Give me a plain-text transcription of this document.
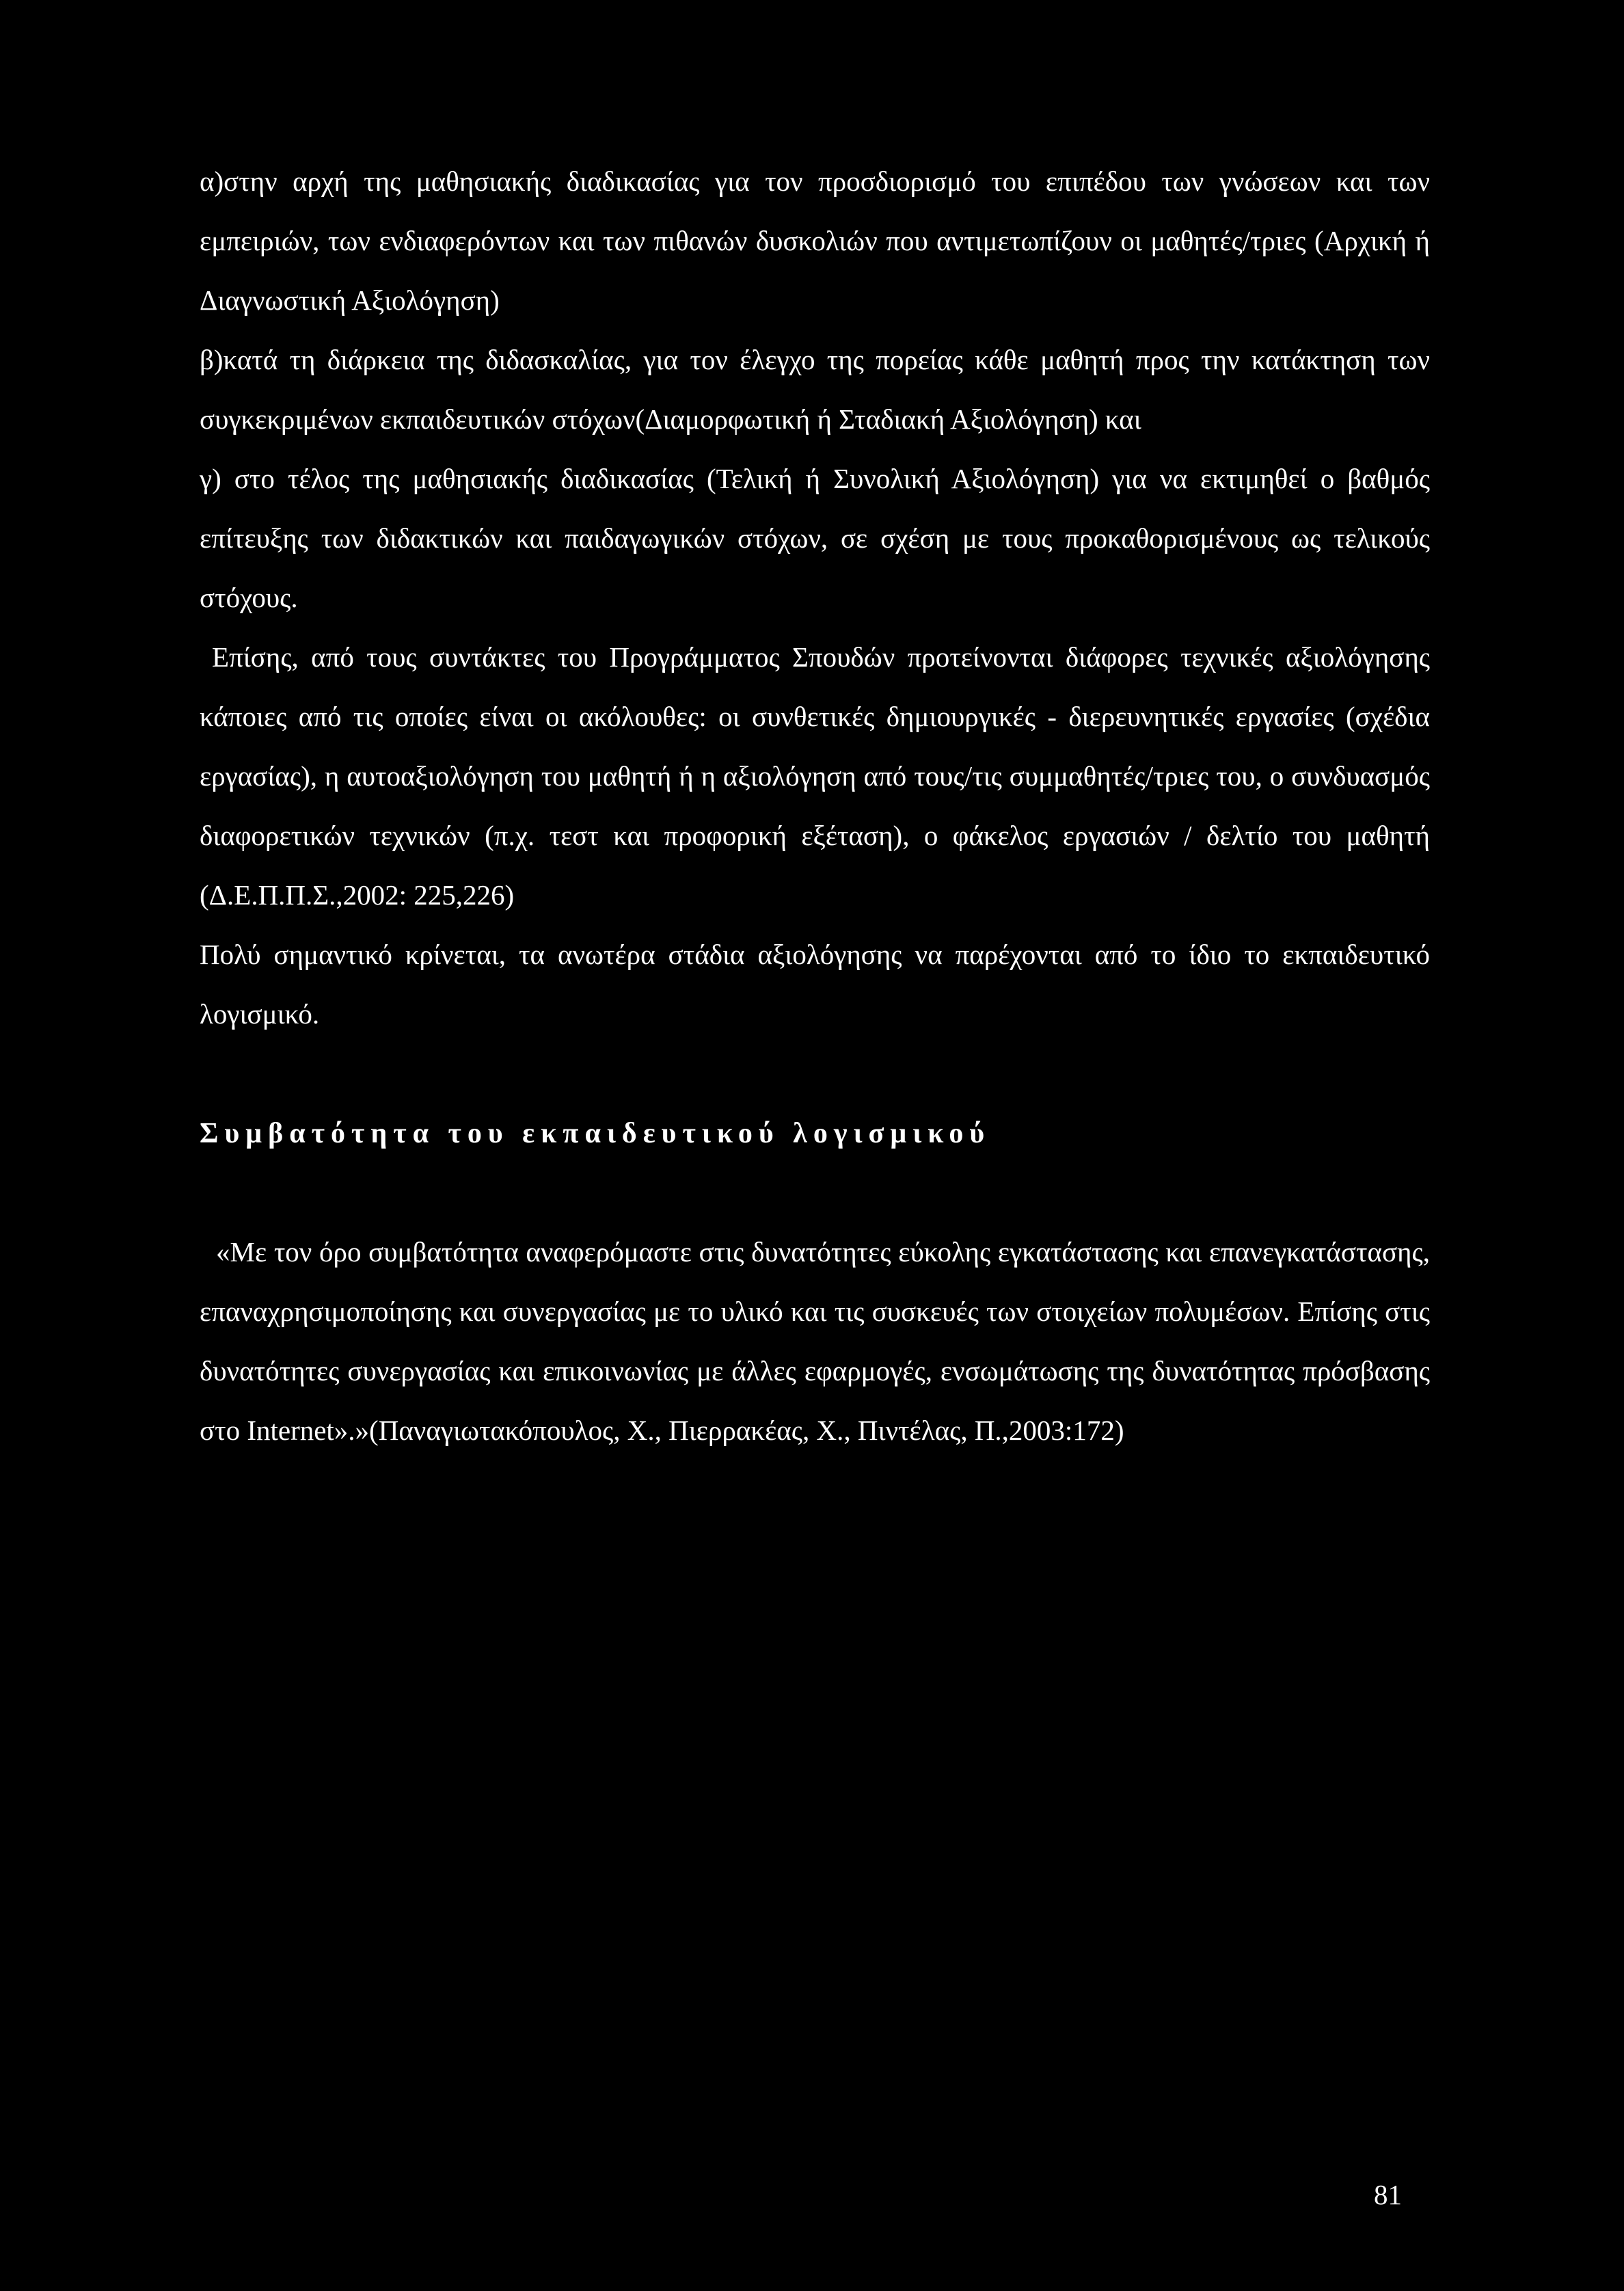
α)στην αρχή της μαθησιακής διαδικασίας για τον προσδιορισμό του επιπέδου των γνώσεων και των εμπειριών, των ενδιαφερόντων και των πιθανών δυσκολιών που αντιμετωπίζουν οι μαθητές/τριες (Αρχική ή Διαγνωστική Αξιολόγηση)

β)κατά τη διάρκεια της διδασκαλίας, για τον έλεγχο της πορείας κάθε μαθητή προς την κατάκτηση των συγκεκριμένων εκπαιδευτικών στόχων(Διαμορφωτική ή Σταδιακή Αξιολόγηση) και

γ) στο τέλος της μαθησιακής διαδικασίας (Τελική ή Συνολική Αξιολόγηση) για να εκτιμηθεί ο βαθμός επίτευξης των διδακτικών και παιδαγωγικών στόχων, σε σχέση με τους προκαθορισμένους ως τελικούς στόχους.

Επίσης, από τους συντάκτες του Προγράμματος Σπουδών προτείνονται διάφορες τεχνικές αξιολόγησης κάποιες από τις οποίες είναι οι ακόλουθες: οι συνθετικές δημιουργικές - διερευνητικές εργασίες (σχέδια εργασίας), η αυτοαξιολόγηση του μαθητή ή η αξιολόγηση από τους/τις συμμαθητές/τριες του, ο συνδυασμός διαφορετικών τεχνικών (π.χ. τεστ και προφορική εξέταση), ο φάκελος εργασιών / δελτίο του μαθητή (Δ.Ε.Π.Π.Σ.,2002: 225,226)

Πολύ σημαντικό κρίνεται, τα ανωτέρα στάδια αξιολόγησης να παρέχονται από το ίδιο το εκπαιδευτικό λογισμικό.

Συμβατότητα του εκπαιδευτικού λογισμικού

«Με τον όρο συμβατότητα αναφερόμαστε στις δυνατότητες εύκολης εγκατάστασης και επανεγκατάστασης, επαναχρησιμοποίησης και συνεργασίας με το υλικό και τις συσκευές των στοιχείων πολυμέσων. Επίσης στις δυνατότητες συνεργασίας και επικοινωνίας με άλλες εφαρμογές, ενσωμάτωσης της δυνατότητας πρόσβασης στο Internet».»(Παναγιωτακόπουλος, Χ., Πιερρακέας, Χ., Πιντέλας, Π.,2003:172)

81
